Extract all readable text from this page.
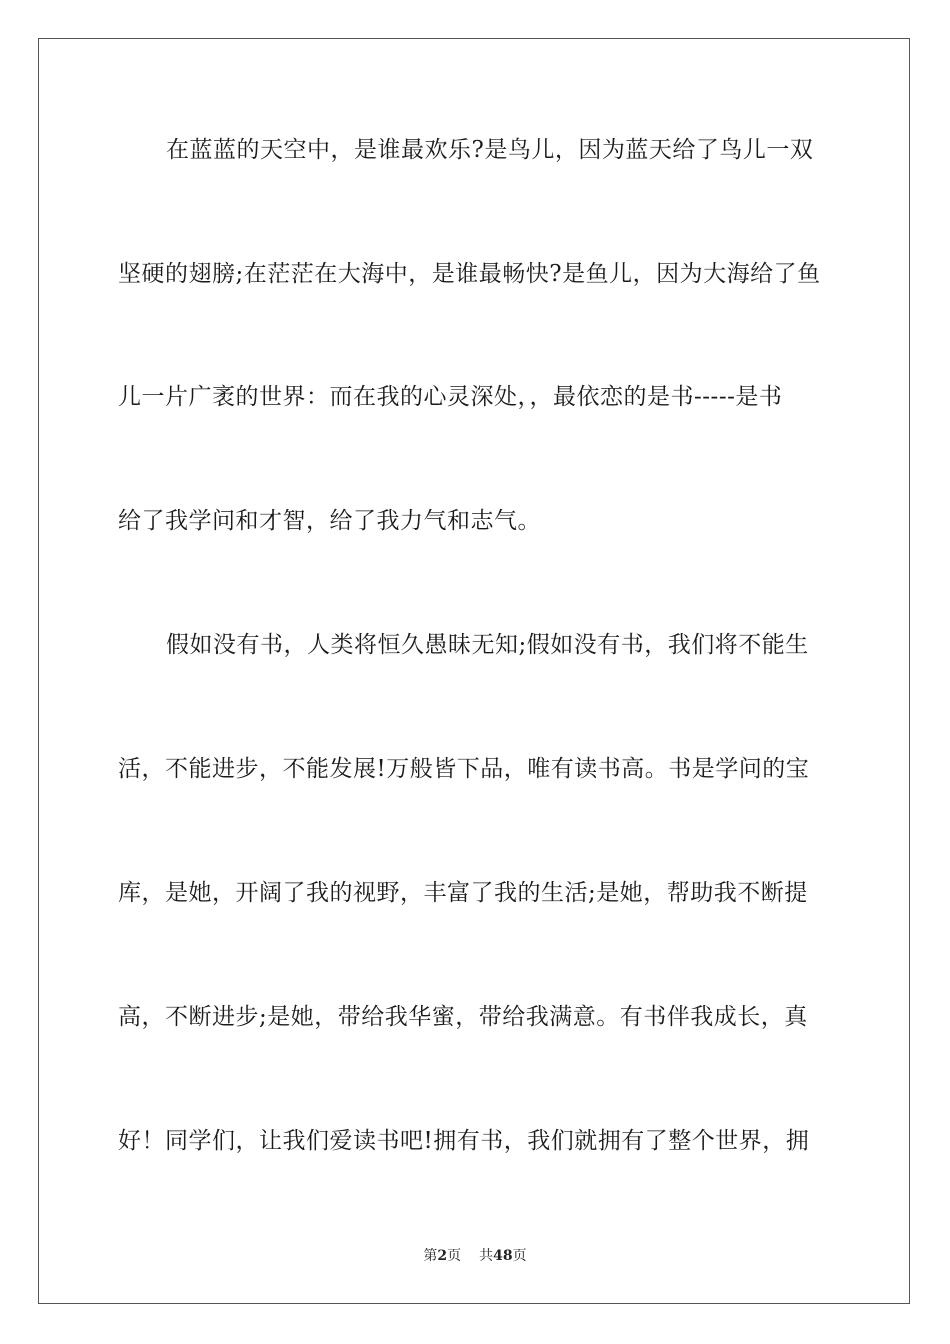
在蓝蓝的天空中，是谁最欢乐?是鸟儿，因为蓝天给了鸟儿一双
坚硬的翅膀;在茫茫在大海中，是谁最畅快?是鱼儿，因为大海给了鱼
儿一片广袤的世界：而在我的心灵深处，，最依恋的是书-----是书
给了我学问和才智，给了我力气和志气。
假如没有书，人类将恒久愚昧无知;假如没有书，我们将不能生
活，不能进步，不能发展!万般皆下品，唯有读书高。书是学问的宝
库，是她，开阔了我的视野，丰富了我的生活;是她，帮助我不断提
高，不断进步;是她，带给我华蜜，带给我满意。有书伴我成长，真
好！同学们，让我们爱读书吧!拥有书，我们就拥有了整个世界，拥
第2页 共48页
